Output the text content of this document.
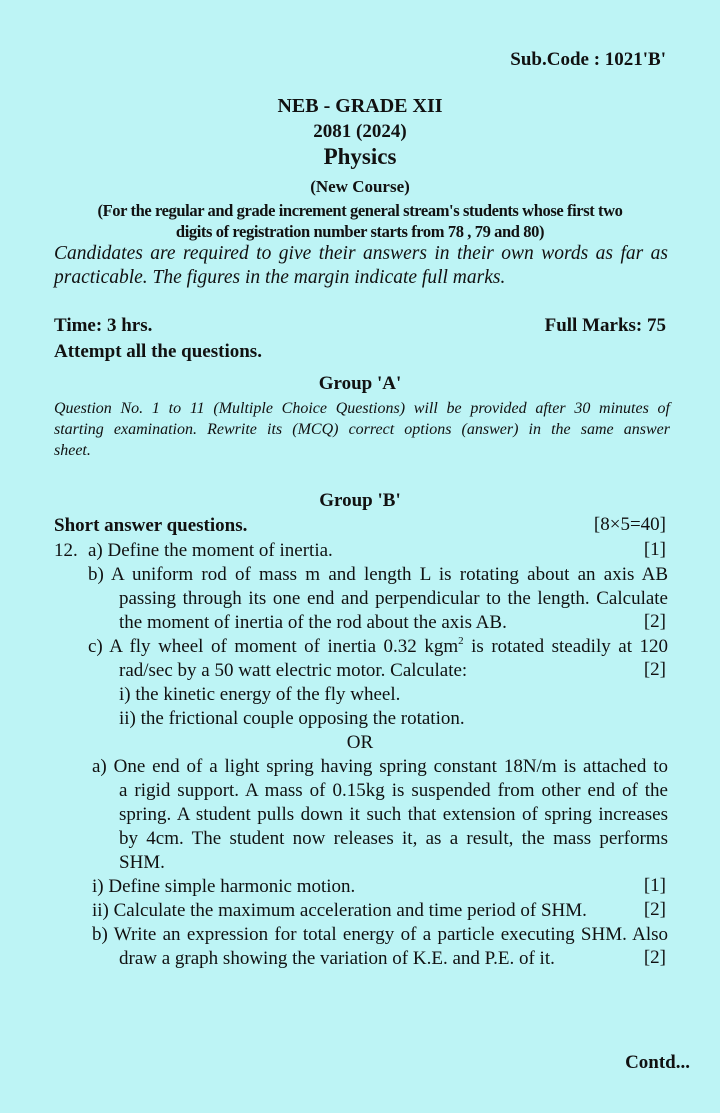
Sub.Code : 1021'B'
NEB - GRADE XII
2081 (2024)
Physics
(New Course)
(For the regular and grade increment general stream's students whose first two
digits of registration number starts from 78 , 79 and 80)
Candidates are required to give their answers in their own words as far as
practicable. The figures in the margin indicate full marks.
Time: 3 hrs.	Full Marks: 75
Attempt all the questions.
Group 'A'
Question No. 1 to 11 (Multiple Choice Questions) will be provided after 30 minutes of
starting examination. Rewrite its (MCQ) correct options (answer) in the same answer
sheet.
Group 'B'
Short answer questions.	[8×5=40]
12. a) Define the moment of inertia.	[1]
b) A uniform rod of mass m and length L is rotating about an axis AB
passing through its one end and perpendicular to the length. Calculate
the moment of inertia of the rod about the axis AB.	[2]
c) A fly wheel of moment of inertia 0.32 kgm$^2$ is rotated steadily at 120
rad/sec by a 50 watt electric motor. Calculate:	[2]
i) the kinetic energy of the fly wheel.
ii) the frictional couple opposing the rotation.
OR
a) One end of a light spring having spring constant 18N/m is attached to
a rigid support. A mass of 0.15kg is suspended from other end of the
spring. A student pulls down it such that extension of spring increases
by 4cm. The student now releases it, as a result, the mass performs
SHM.
i) Define simple harmonic motion.	[1]
ii) Calculate the maximum acceleration and time period of SHM.	[2]
b) Write an expression for total energy of a particle executing SHM. Also
draw a graph showing the variation of K.E. and P.E. of it.	[2]
Contd...
